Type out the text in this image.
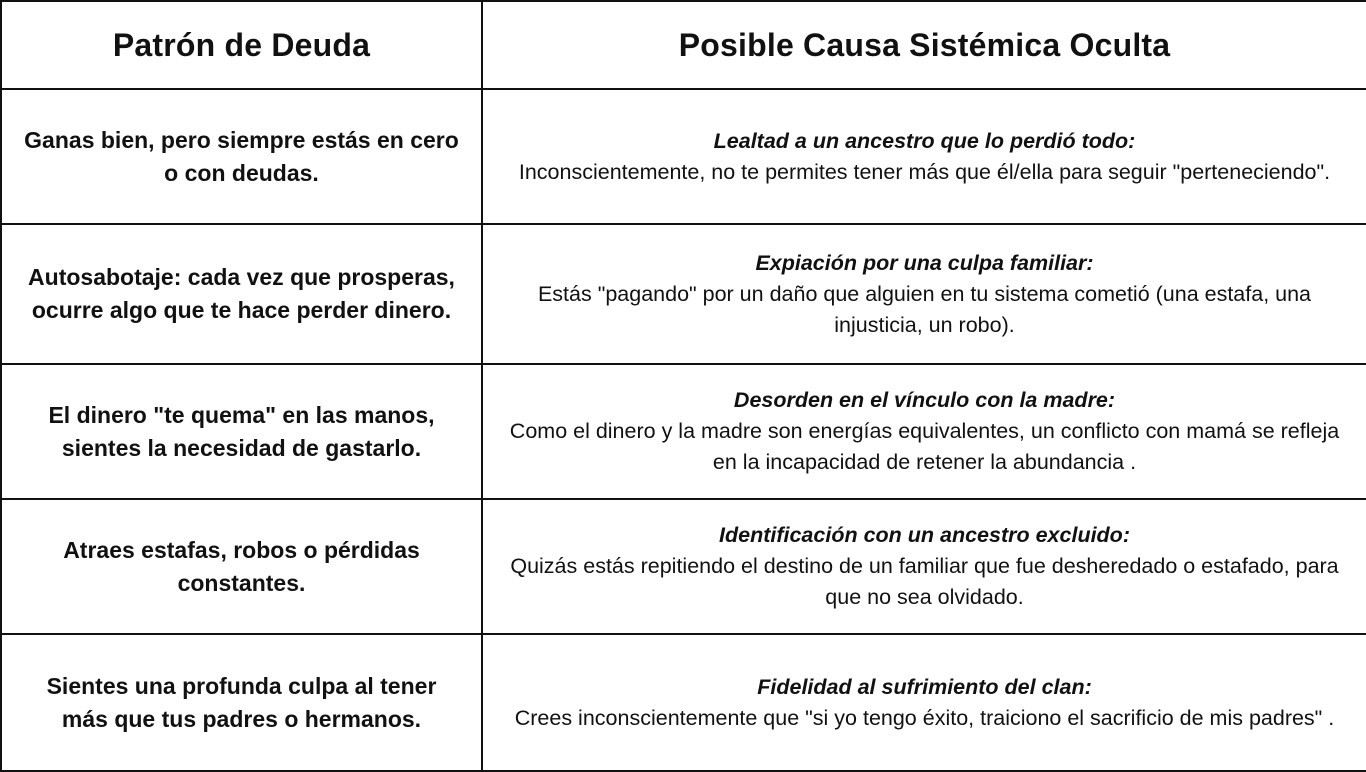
Patrón de Deuda	Posible Causa Sistémica Oculta
Ganas bien, pero siempre estás en cero o con deudas.	Lealtad a un ancestro que lo perdió todo:
Inconscientemente, no te permites tener más que él/ella para seguir "perteneciendo".

Autosabotaje: cada vez que prosperas, ocurre algo que te hace perder dinero.	Expiación por una culpa familiar:
Estás "pagando" por un daño que alguien en tu sistema cometió (una estafa, una injusticia, un robo).

El dinero "te quema" en las manos, sientes la necesidad de gastarlo.	Desorden en el vínculo con la madre:
Como el dinero y la madre son energías equivalentes, un conflicto con mamá se refleja en la incapacidad de retener la abundancia .

Atraes estafas, robos o pérdidas constantes.	Identificación con un ancestro excluido:
Quizás estás repitiendo el destino de un familiar que fue desheredado o estafado, para que no sea olvidado.

Sientes una profunda culpa al tener más que tus padres o hermanos.	Fidelidad al sufrimiento del clan:
Crees inconscientemente que "si yo tengo éxito, traiciono el sacrificio de mis padres" .
